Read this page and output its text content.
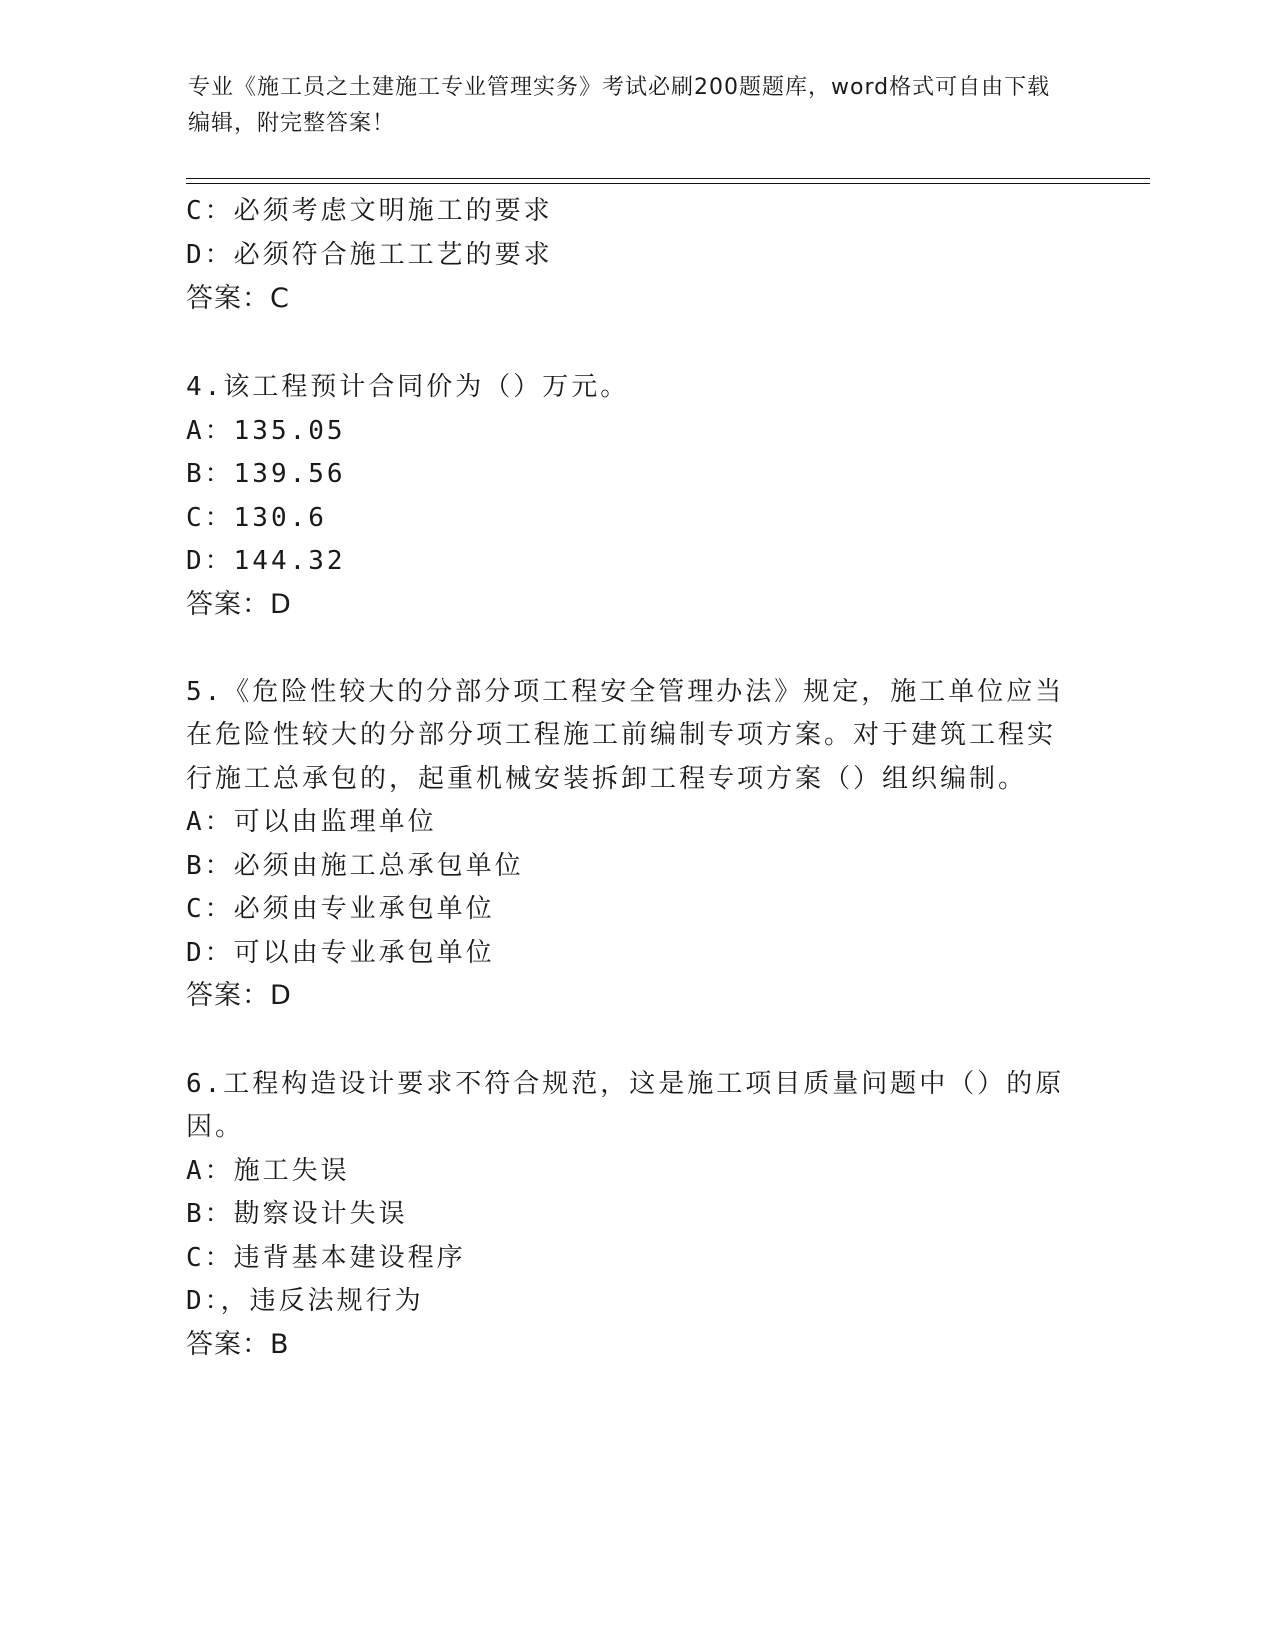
专业《施工员之土建施工专业管理实务》考试必刷200题题库，word格式可自由下载编辑，附完整答案！
C：必须考虑文明施工的要求
D：必须符合施工工艺的要求
答案：C
4.该工程预计合同价为（）万元。
A：135.05
B：139.56
C：130.6
D：144.32
答案：D
5.《危险性较大的分部分项工程安全管理办法》规定，施工单位应当
在危险性较大的分部分项工程施工前编制专项方案。对于建筑工程实
行施工总承包的，起重机械安装拆卸工程专项方案（）组织编制。
A：可以由监理单位
B：必须由施工总承包单位
C：必须由专业承包单位
D：可以由专业承包单位
答案：D
6.工程构造设计要求不符合规范，这是施工项目质量问题中（）的原
因。
A：施工失误
B：勘察设计失误
C：违背基本建设程序
D：，违反法规行为
答案：B
